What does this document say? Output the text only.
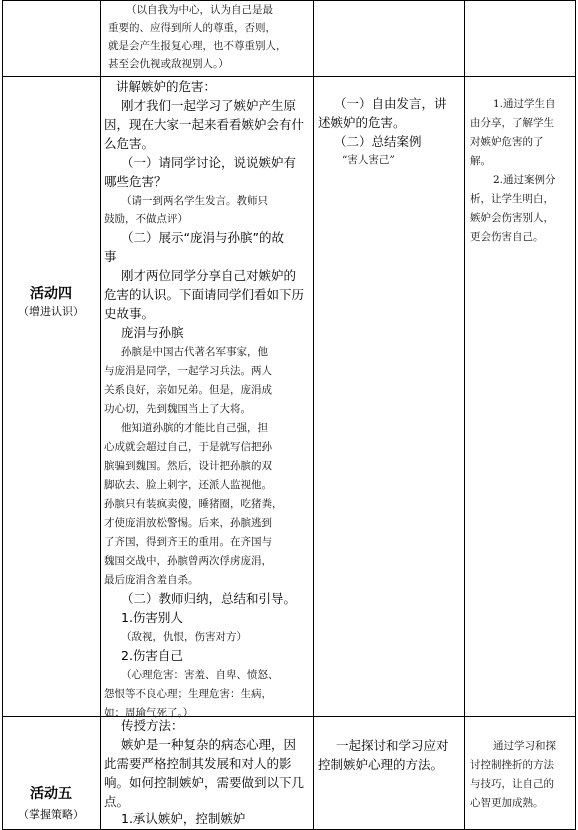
（以自我为中心，认为自己是最
重要的、应得到所人的尊重，否则，
就是会产生报复心理，也不尊重别人，
甚至会仇视或敌视别人。）
活动四
（增进认识）
讲解嫉妒的危害：
刚才我们一起学习了嫉妒产生原
因，现在大家一起来看看嫉妒会有什
么危害。
（一）请同学讨论，说说嫉妒有
哪些危害？
（请一到两名学生发言。教师只
鼓励，不做点评）
（二）展示“庞涓与孙膑”的故
事
刚才两位同学分享自己对嫉妒的
危害的认识。下面请同学们看如下历
史故事。
庞涓与孙膑
孙膑是中国古代著名军事家，他
与庞涓是同学，一起学习兵法。两人
关系良好，亲如兄弟。但是，庞涓成
功心切，先到魏国当上了大将。
他知道孙膑的才能比自己强，担
心成就会超过自己，于是就写信把孙
膑骗到魏国。然后，设计把孙膑的双
脚砍去、脸上刺字，还派人监视他。
孙膑只有装疯卖傻，睡猪圈，吃猪粪，
才使庞涓放松警惕。后来，孙膑逃到
了齐国，得到齐王的重用。在齐国与
魏国交战中，孙膑曾两次俘虏庞涓，
最后庞涓含羞自杀。
（二）教师归纳，总结和引导。
1.伤害别人
（敌视，仇恨，伤害对方）
2.伤害自己
（心理危害：害羞、自卑、愤怒、
怨恨等不良心理；生理危害：生病，
如：周瑜气死了。）
（一）自由发言，讲
述嫉妒的危害。
（二）总结案例
“害人害己”
1.通过学生自
由分享，了解学生
对嫉妒危害的了
解。
2.通过案例分
析，让学生明白，
嫉妒会伤害别人，
更会伤害自己。
活动五
（掌握策略）
传授方法：
嫉妒是一种复杂的病态心理，因
此需要严格控制其发展和对人的影
响。如何控制嫉妒，需要做到以下几
点。
1.承认嫉妒，控制嫉妒
一起探讨和学习应对
控制嫉妒心理的方法。
通过学习和探
讨控制挫折的方法
与技巧，让自己的
心智更加成熟。
